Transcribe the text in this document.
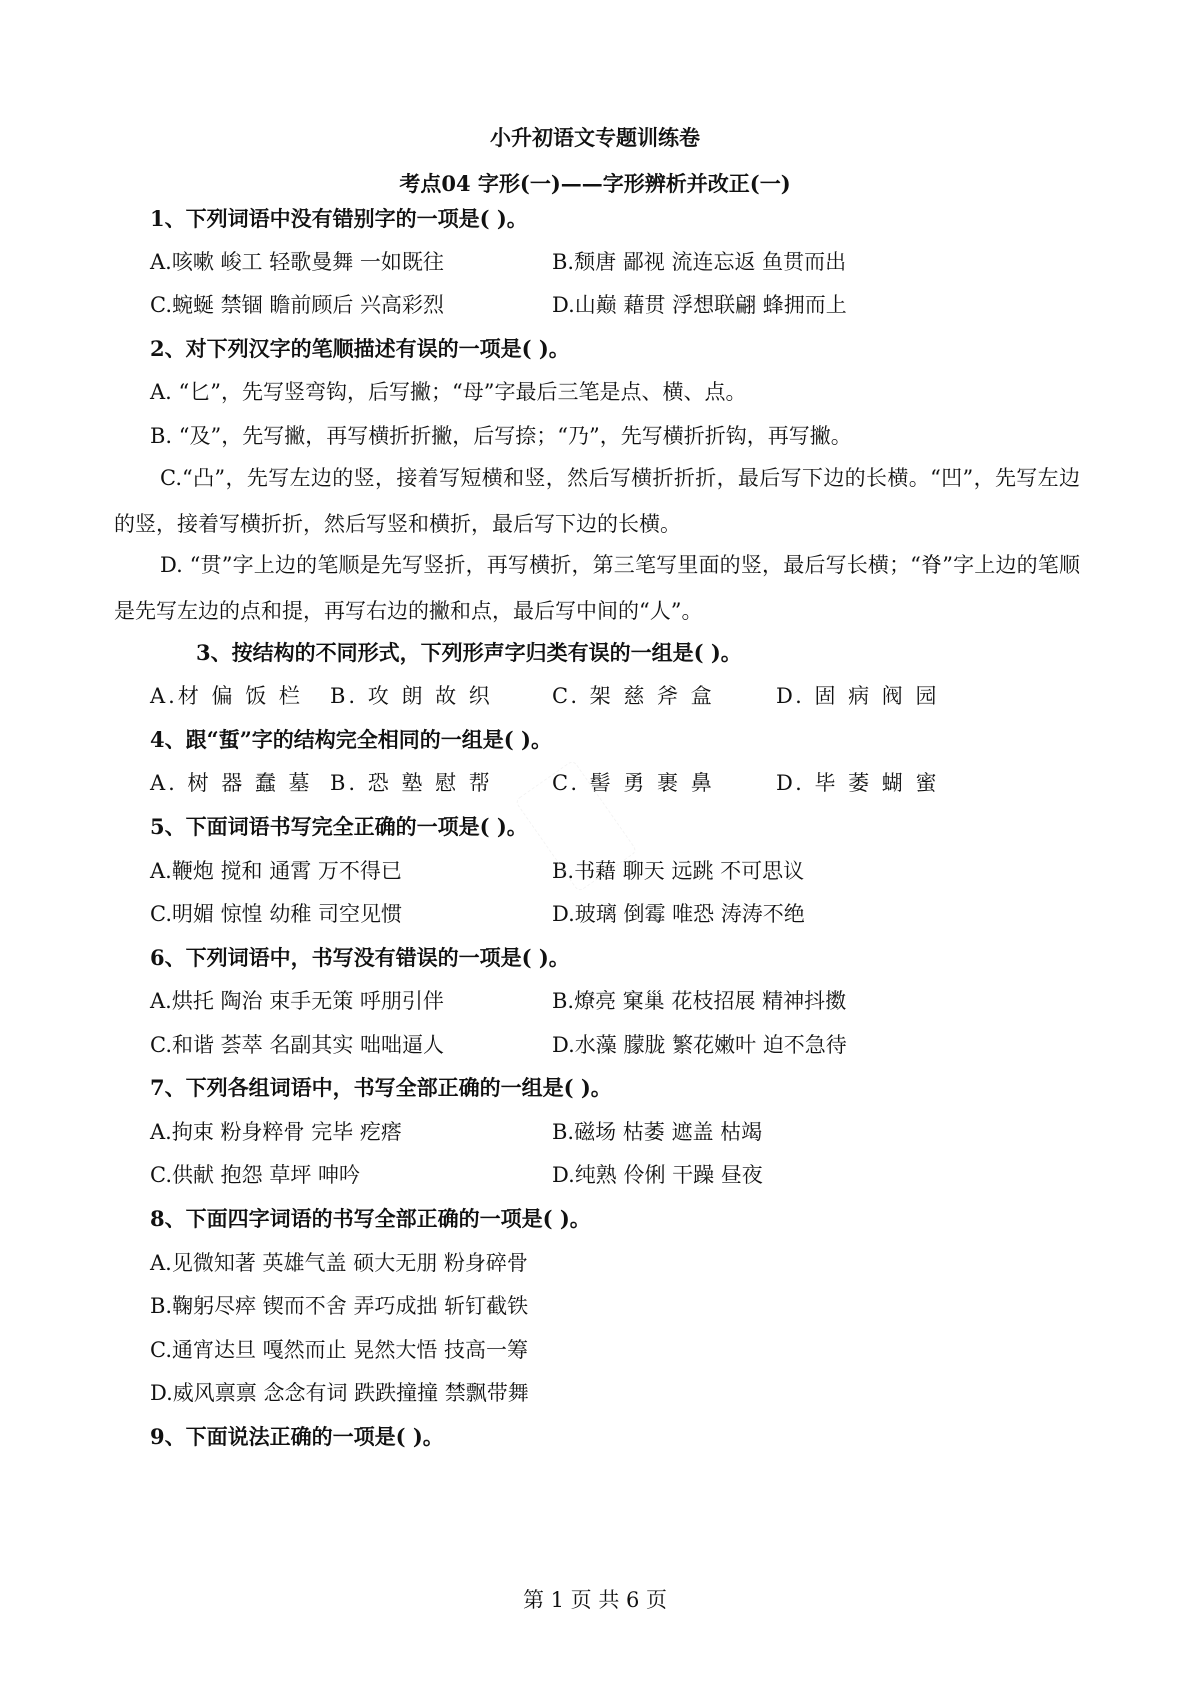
小升初语文专题训练卷
考点04 字形(一)——字形辨析并改正(一)
1、下列词语中没有错别字的一项是( )。
A.咳嗽 峻工 轻歌曼舞 一如既往	B.颓唐 鄙视 流连忘返 鱼贯而出
C.蜿蜒 禁锢 瞻前顾后 兴高彩烈	D.山巅 藉贯 浮想联翩 蜂拥而上
2、对下列汉字的笔顺描述有误的一项是( )。
A. “匕”，先写竖弯钩，后写撇；“母”字最后三笔是点、横、点。
B. “及”，先写撇，再写横折折撇，后写捺；“乃”，先写横折折钩，再写撇。
C.“凸”，先写左边的竖，接着写短横和竖，然后写横折折折，最后写下边的长横。“凹”，先写左边的竖，接着写横折折，然后写竖和横折，最后写下边的长横。
D. “贯”字上边的笔顺是先写竖折，再写横折，第三笔写里面的竖，最后写长横；“脊”字上边的笔顺是先写左边的点和提，再写右边的撇和点，最后写中间的“人”。
3、按结构的不同形式，下列形声字归类有误的一组是( )。
A.材 偏 饭 栏 B. 攻 朗 故 织	C. 架 慈 斧 盒	D. 固 病 阀 园
4、跟“蜇”字的结构完全相同的一组是( )。
A. 树 器 蠢 墓 B. 恐 塾 慰 帮	C. 髻 勇 裹 鼻	D. 毕 萎 蝴 蜜
5、下面词语书写完全正确的一项是( )。
A.鞭炮 搅和 通霄 万不得已	B.书藉 聊天 远跳 不可思议
C.明媚 惊惶 幼稚 司空见惯	D.玻璃 倒霉 唯恐 涛涛不绝
6、下列词语中，书写没有错误的一项是( )。
A.烘托 陶治 束手无策 呼朋引伴	B.燎亮 窠巢 花枝招展 精神抖擞
C.和谐 荟萃 名副其实 咄咄逼人	D.水藻 朦胧 繁花嫩叶 迫不急待
7、下列各组词语中，书写全部正确的一组是( )。
A.拘束 粉身粹骨 完毕 疙瘩	B.磁场 枯萎 遮盖 枯竭
C.供献 抱怨 草坪 呻吟	D.纯熟 伶俐 干躁 昼夜
8、下面四字词语的书写全部正确的一项是( )。
A.见微知著 英雄气盖 硕大无朋 粉身碎骨
B.鞠躬尽瘁 锲而不舍 弄巧成拙 斩钉截铁
C.通宵达旦 嘎然而止 晃然大悟 技高一筹
D.威风禀禀 念念有词 跌跌撞撞 禁飘带舞
9、下面说法正确的一项是( )。
第 1 页 共 6 页
